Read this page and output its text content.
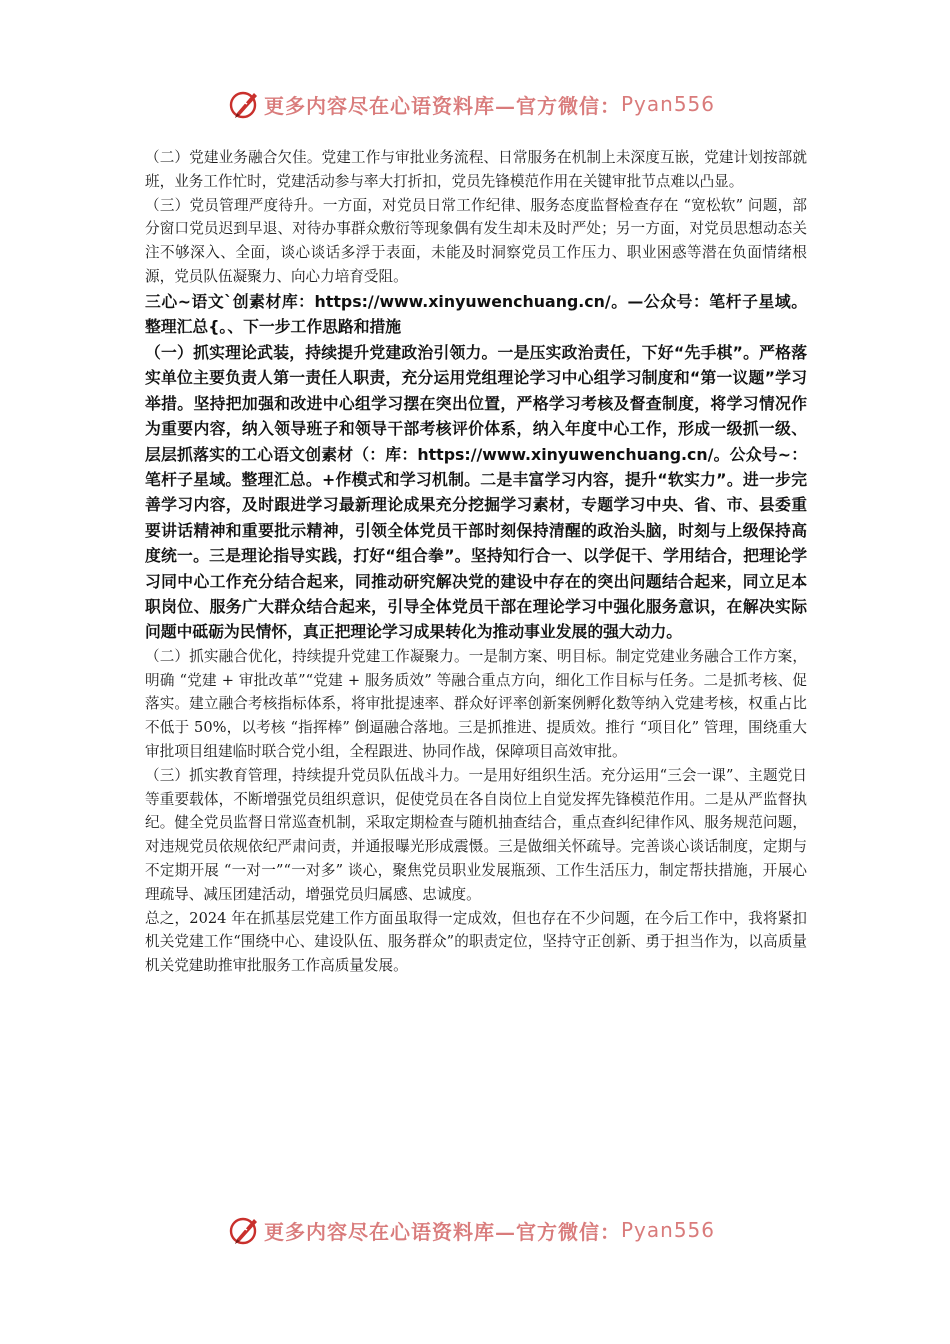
更多内容尽在心语资料库—官方微信： Pyan556

（二）党建业务融合欠佳。党建工作与审批业务流程、日常服务在机制上未深度互嵌，党建计划按部就班，业务工作忙时，党建活动参与率大打折扣，党员先锋模范作用在关键审批节点难以凸显。

（三）党员管理严度待升。一方面，对党员日常工作纪律、服务态度监督检查存在 “宽松软” 问题，部分窗口党员迟到早退、对待办事群众敷衍等现象偶有发生却未及时严处；另一方面，对党员思想动态关注不够深入、全面，谈心谈话多浮于表面，未能及时洞察党员工作压力、职业困惑等潜在负面情绪根源，党员队伍凝聚力、向心力培育受阻。

三心~语文`创素材库：https://www.xinyuwenchuang.cn/。—公众号：笔杆子星域。整理汇总{。、下一步工作思路和措施

（一）抓实理论武装，持续提升党建政治引领力。一是压实政治责任，下好“先手棋”。严格落实单位主要负责人第一责任人职责，充分运用党组理论学习中心组学习制度和“第一议题”学习举措。坚持把加强和改进中心组学习摆在突出位置，严格学习考核及督查制度，将学习情况作为重要内容，纳入领导班子和领导干部考核评价体系，纳入年度中心工作，形成一级抓一级、层层抓落实的工心语文创素材（：库：https://www.xinyuwenchuang.cn/。公众号~：笔杆子星域。整理汇总。+作模式和学习机制。二是丰富学习内容，提升“软实力”。进一步完善学习内容，及时跟进学习最新理论成果充分挖掘学习素材，专题学习中央、省、市、县委重要讲话精神和重要批示精神，引领全体党员干部时刻保持清醒的政治头脑，时刻与上级保持高度统一。三是理论指导实践，打好“组合拳”。坚持知行合一、以学促干、学用结合，把理论学习同中心工作充分结合起来，同推动研究解决党的建设中存在的突出问题结合起来，同立足本职岗位、服务广大群众结合起来，引导全体党员干部在理论学习中强化服务意识，在解决实际问题中砥砺为民情怀，真正把理论学习成果转化为推动事业发展的强大动力。

（二）抓实融合优化，持续提升党建工作凝聚力。一是制方案、明目标。制定党建业务融合工作方案，明确 “党建 + 审批改革”“党建 + 服务质效” 等融合重点方向，细化工作目标与任务。二是抓考核、促落实。建立融合考核指标体系，将审批提速率、群众好评率创新案例孵化数等纳入党建考核，权重占比不低于 50%，以考核 “指挥棒” 倒逼融合落地。三是抓推进、提质效。推行 “项目化” 管理，围绕重大审批项目组建临时联合党小组，全程跟进、协同作战，保障项目高效审批。

（三）抓实教育管理，持续提升党员队伍战斗力。一是用好组织生活。充分运用“三会一课”、主题党日等重要载体，不断增强党员组织意识，促使党员在各自岗位上自觉发挥先锋模范作用。二是从严监督执纪。健全党员监督日常巡查机制，采取定期检查与随机抽查结合，重点查纠纪律作风、服务规范问题，对违规党员依规依纪严肃问责，并通报曝光形成震慑。三是做细关怀疏导。完善谈心谈话制度，定期与不定期开展 “一对一”“一对多” 谈心，聚焦党员职业发展瓶颈、工作生活压力，制定帮扶措施，开展心理疏导、减压团建活动，增强党员归属感、忠诚度。

总之，2024 年在抓基层党建工作方面虽取得一定成效，但也存在不少问题，在今后工作中，我将紧扣机关党建工作“围绕中心、建设队伍、服务群众”的职责定位，坚持守正创新、勇于担当作为，以高质量机关党建助推审批服务工作高质量发展。

更多内容尽在心语资料库—官方微信： Pyan556
